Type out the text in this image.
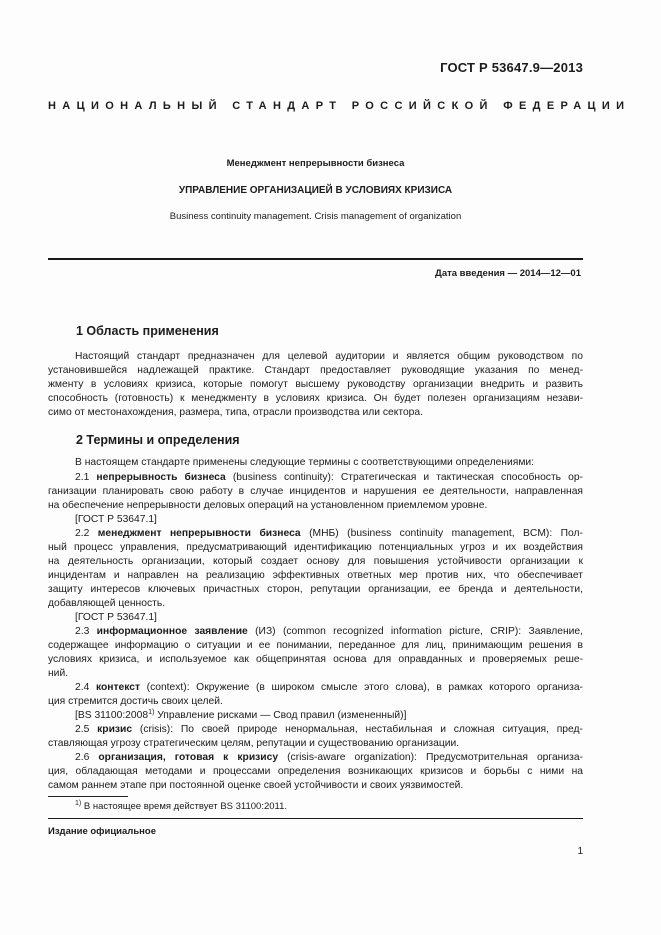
ГОСТ Р 53647.9—2013
НАЦИОНАЛЬНЫЙ СТАНДАРТ РОССИЙСКОЙ ФЕДЕРАЦИИ
Менеджмент непрерывности бизнеса
УПРАВЛЕНИЕ ОРГАНИЗАЦИЕЙ В УСЛОВИЯХ КРИЗИСА
Business continuity management. Crisis management of organization
Дата введения — 2014—12—01
1 Область применения
Настоящий стандарт предназначен для целевой аудитории и является общим руководством по
установившейся надлежащей практике. Стандарт предоставляет руководящие указания по менед-
жменту в условиях кризиса, которые помогут высшему руководству организации внедрить и развить
способность (готовность) к менеджменту в условиях кризиса. Он будет полезен организациям незави-
симо от местонахождения, размера, типа, отрасли производства или сектора.
2 Термины и определения
В настоящем стандарте применены следующие термины с соответствующими определениями:
2.1 непрерывность бизнеса (business continuity): Стратегическая и тактическая способность ор-
ганизации планировать свою работу в случае инцидентов и нарушения ее деятельности, направленная
на обеспечение непрерывности деловых операций на установленном приемлемом уровне.
[ГОСТ Р 53647.1]
2.2 менеджмент непрерывности бизнеса (МНБ) (business continuity management, BCM): Пол-
ный процесс управления, предусматривающий идентификацию потенциальных угроз и их воздействия
на деятельность организации, который создает основу для повышения устойчивости организации к
инцидентам и направлен на реализацию эффективных ответных мер против них, что обеспечивает
защиту интересов ключевых причастных сторон, репутации организации, ее бренда и деятельности,
добавляющей ценность.
[ГОСТ Р 53647.1]
2.3 информационное заявление (ИЗ) (common recognized information picture, CRIP): Заявление,
содержащее информацию о ситуации и ее понимании, переданное для лиц, принимающим решения в
условиях кризиса, и используемое как общепринятая основа для оправданных и проверяемых реше-
ний.
2.4 контекст (context): Окружение (в широком смысле этого слова), в рамках которого организа-
ция стремится достичь своих целей.
[BS 31100:2008$^{1)}$ Управление рисками — Свод правил (измененный)]
2.5 кризис (crisis): По своей природе ненормальная, нестабильная и сложная ситуация, пред-
ставляющая угрозу стратегическим целям, репутации и существованию организации.
2.6 организация, готовая к кризису (crisis-aware organization): Предусмотрительная организа-
ция, обладающая методами и процессами определения возникающих кризисов и борьбы с ними на
самом раннем этапе при постоянной оценке своей устойчивости и своих уязвимостей.
$^{1)}$ В настоящее время действует BS 31100:2011.
Издание официальное
1
